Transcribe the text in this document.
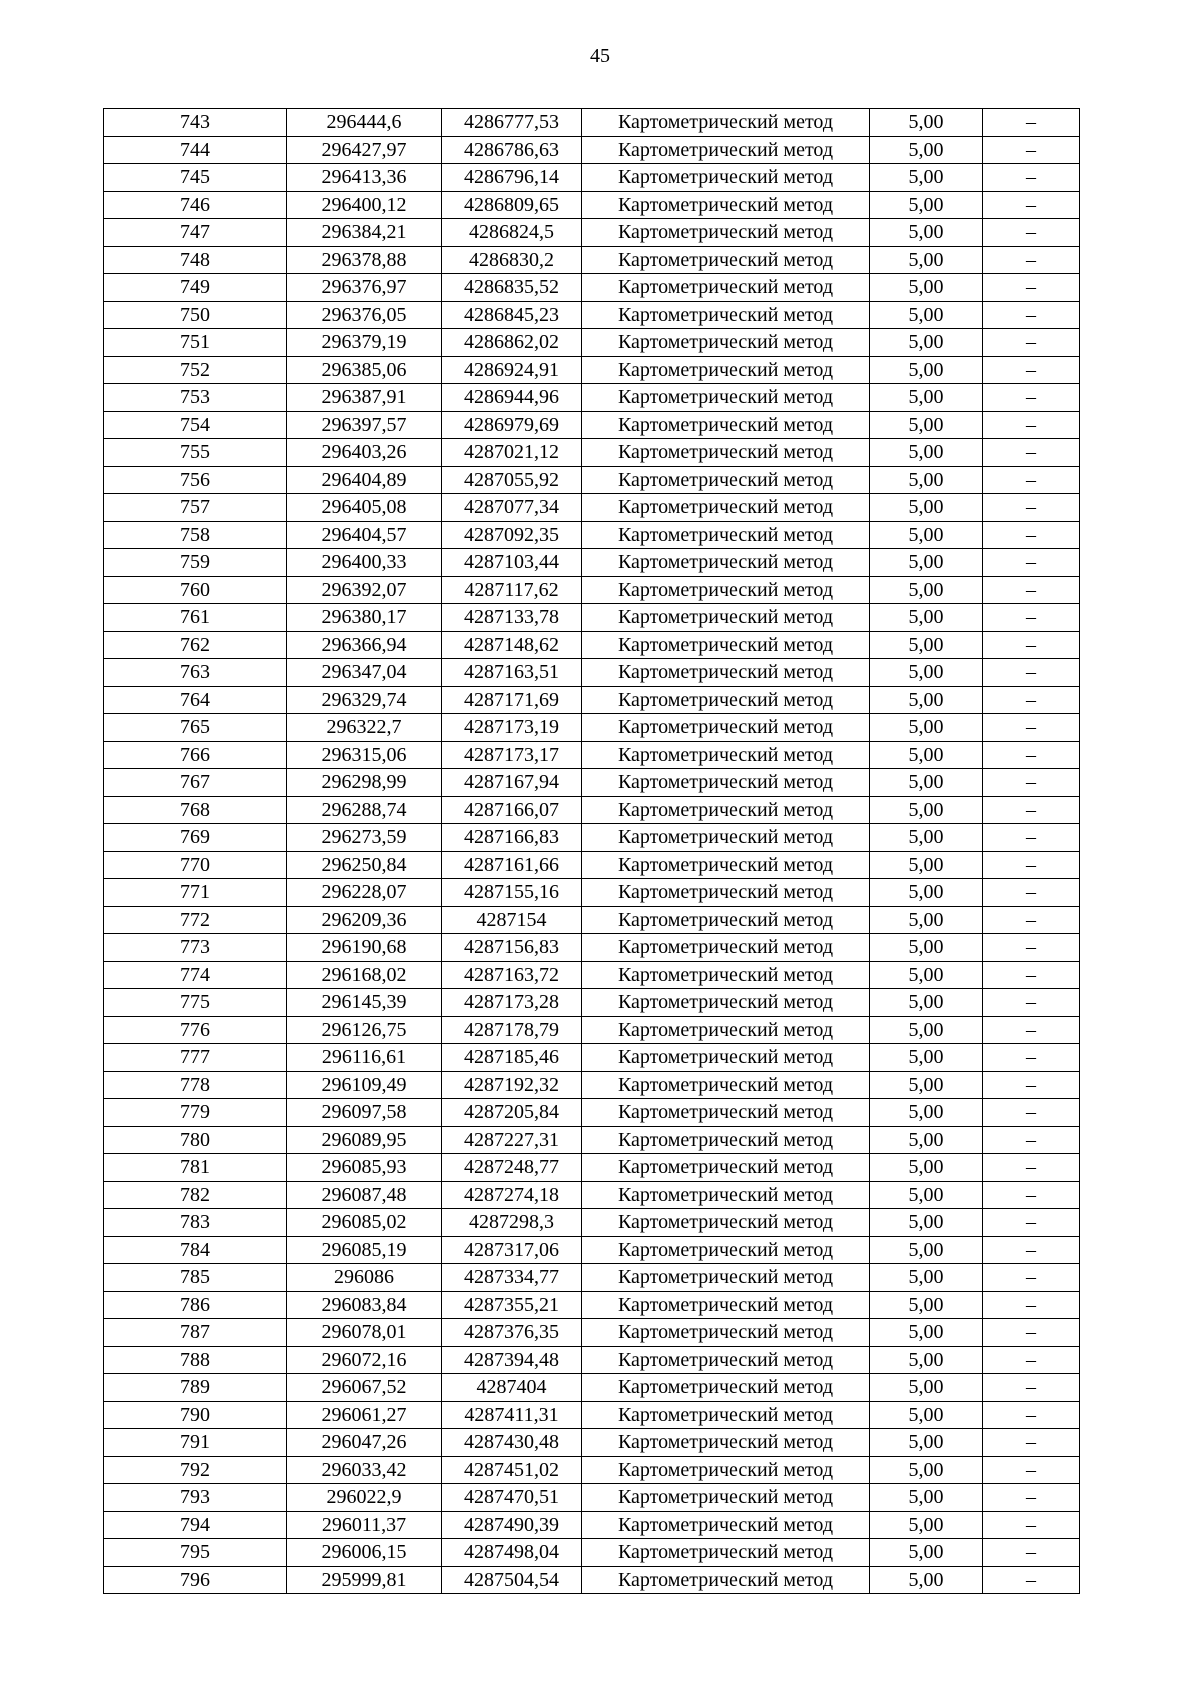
45
743	296444,6	4286777,53	Картометрический метод	5,00	–
744	296427,97	4286786,63	Картометрический метод	5,00	–
745	296413,36	4286796,14	Картометрический метод	5,00	–
746	296400,12	4286809,65	Картометрический метод	5,00	–
747	296384,21	4286824,5	Картометрический метод	5,00	–
748	296378,88	4286830,2	Картометрический метод	5,00	–
749	296376,97	4286835,52	Картометрический метод	5,00	–
750	296376,05	4286845,23	Картометрический метод	5,00	–
751	296379,19	4286862,02	Картометрический метод	5,00	–
752	296385,06	4286924,91	Картометрический метод	5,00	–
753	296387,91	4286944,96	Картометрический метод	5,00	–
754	296397,57	4286979,69	Картометрический метод	5,00	–
755	296403,26	4287021,12	Картометрический метод	5,00	–
756	296404,89	4287055,92	Картометрический метод	5,00	–
757	296405,08	4287077,34	Картометрический метод	5,00	–
758	296404,57	4287092,35	Картометрический метод	5,00	–
759	296400,33	4287103,44	Картометрический метод	5,00	–
760	296392,07	4287117,62	Картометрический метод	5,00	–
761	296380,17	4287133,78	Картометрический метод	5,00	–
762	296366,94	4287148,62	Картометрический метод	5,00	–
763	296347,04	4287163,51	Картометрический метод	5,00	–
764	296329,74	4287171,69	Картометрический метод	5,00	–
765	296322,7	4287173,19	Картометрический метод	5,00	–
766	296315,06	4287173,17	Картометрический метод	5,00	–
767	296298,99	4287167,94	Картометрический метод	5,00	–
768	296288,74	4287166,07	Картометрический метод	5,00	–
769	296273,59	4287166,83	Картометрический метод	5,00	–
770	296250,84	4287161,66	Картометрический метод	5,00	–
771	296228,07	4287155,16	Картометрический метод	5,00	–
772	296209,36	4287154	Картометрический метод	5,00	–
773	296190,68	4287156,83	Картометрический метод	5,00	–
774	296168,02	4287163,72	Картометрический метод	5,00	–
775	296145,39	4287173,28	Картометрический метод	5,00	–
776	296126,75	4287178,79	Картометрический метод	5,00	–
777	296116,61	4287185,46	Картометрический метод	5,00	–
778	296109,49	4287192,32	Картометрический метод	5,00	–
779	296097,58	4287205,84	Картометрический метод	5,00	–
780	296089,95	4287227,31	Картометрический метод	5,00	–
781	296085,93	4287248,77	Картометрический метод	5,00	–
782	296087,48	4287274,18	Картометрический метод	5,00	–
783	296085,02	4287298,3	Картометрический метод	5,00	–
784	296085,19	4287317,06	Картометрический метод	5,00	–
785	296086	4287334,77	Картометрический метод	5,00	–
786	296083,84	4287355,21	Картометрический метод	5,00	–
787	296078,01	4287376,35	Картометрический метод	5,00	–
788	296072,16	4287394,48	Картометрический метод	5,00	–
789	296067,52	4287404	Картометрический метод	5,00	–
790	296061,27	4287411,31	Картометрический метод	5,00	–
791	296047,26	4287430,48	Картометрический метод	5,00	–
792	296033,42	4287451,02	Картометрический метод	5,00	–
793	296022,9	4287470,51	Картометрический метод	5,00	–
794	296011,37	4287490,39	Картометрический метод	5,00	–
795	296006,15	4287498,04	Картометрический метод	5,00	–
796	295999,81	4287504,54	Картометрический метод	5,00	–
